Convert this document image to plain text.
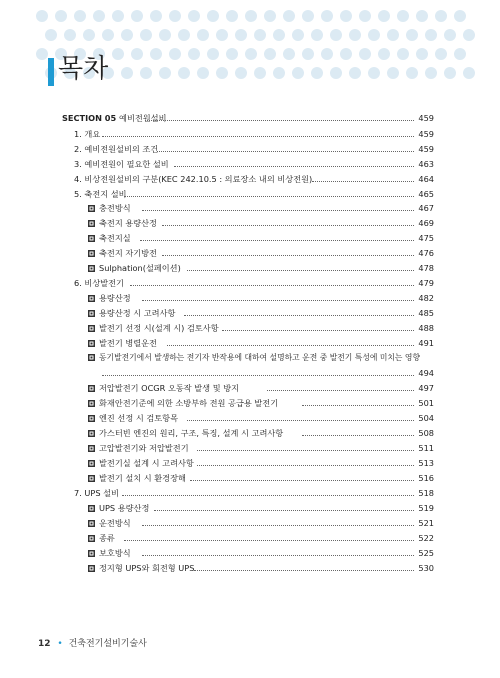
목차
SECTION 05 예비전원설비	459
1. 개요	459
2. 예비전원설비의 조건	459
3. 예비전원이 필요한 설비	463
4. 비상전원설비의 구분(KEC 242.10.5 : 의료장소 내의 비상전원)	464
5. 축전지 설비	465
충전방식	467
축전지 용량산정	469
축전지실	475
축전지 자기방전	476
Sulphation(설페이션)	478
6. 비상발전기	479
용량산정	482
용량산정 시 고려사항	485
발전기 선정 시(설계 시) 검토사항	488
발전기 병렬운전	491
동기발전기에서 발생하는 전기자 반작용에 대하여 설명하고 운전 중 발전기 특성에 미치는 영향
494
저압발전기 OCGR 오동작 발생 및 방지	497
화재안전기준에 의한 소방부하 전원 공급용 발전기	501
엔진 선정 시 검토항목	504
가스터빈 엔진의 원리, 구조, 특징, 설계 시 고려사항	508
고압발전기와 저압발전기	511
발전기실 설계 시 고려사항	513
발전기 설치 시 환경장해	516
7. UPS 설비	518
UPS 용량산정	519
운전방식	521
종류	522
보호방식	525
정지형 UPS와 회전형 UPS	530
12 • 건축전기설비기술사
